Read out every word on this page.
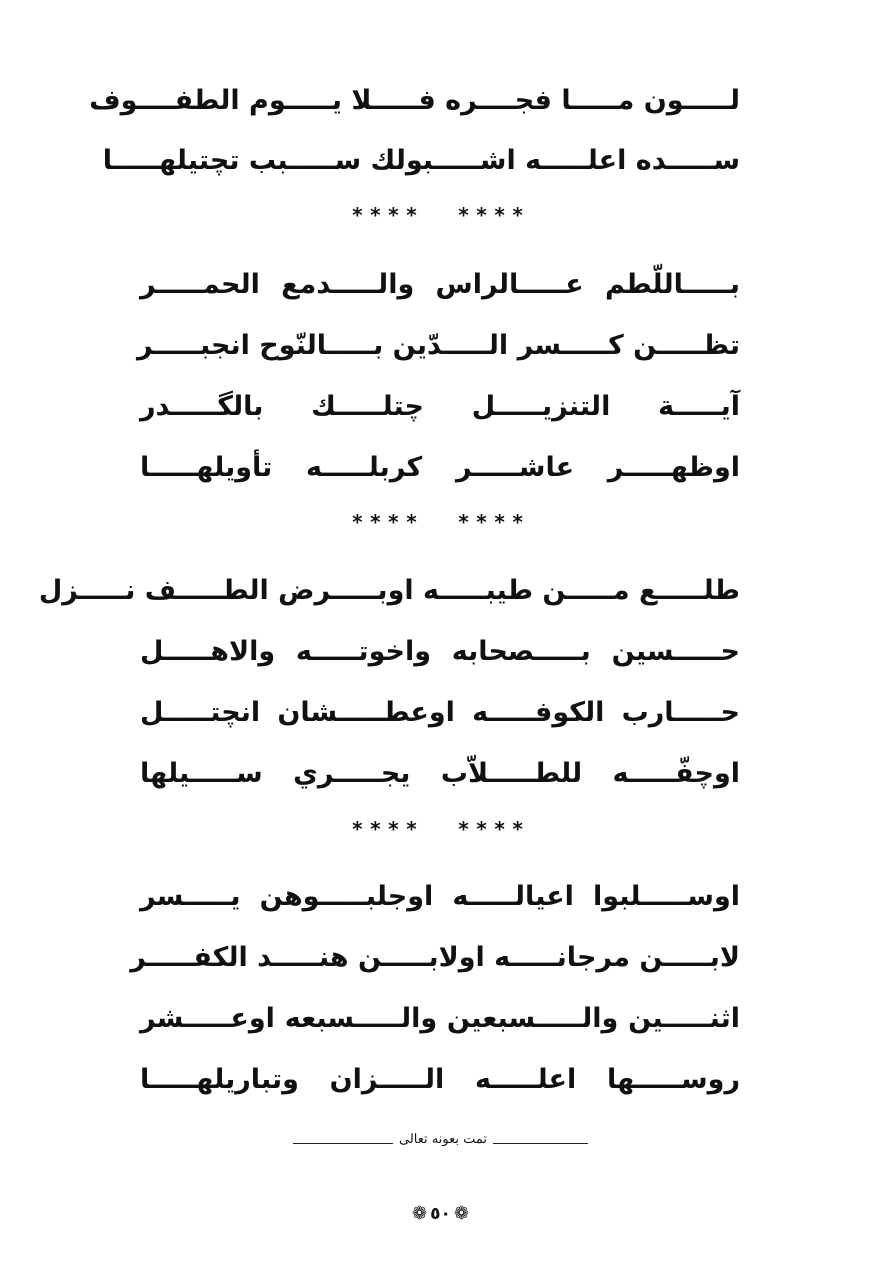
لـــــون مـــــا فجــــره فـــــلا يـــــوم الطفــــوف
ســـــده اعلـــــه اشـــــبولك ســـــبب تچتيلهـــــا
**** ****
بـــــاللّطم عـــــالراس والـــــدمع الحمـــــر
تظـــــن كـــــسر الـــــدّين بـــــالنّوح انجبـــــر
آيـــــة التنزيـــــل چتلـــــك بالگـــــدر
اوظهـــــر عاشـــــر كربلـــــه تأويلهـــــا
**** ****
طلـــــع مـــــن طيبـــــه اوبـــــرض الطـــــف نـــــزل
حـــــسين بـــــصحابه واخوتـــــه والاهـــــل
حـــــارب الكوفـــــه اوعطـــــشان انچتـــــل
اوچفّـــــه للطـــــلاّب يجـــــري ســـــيلها
**** ****
اوســـــلبوا اعيالـــــه اوجلبـــــوهن يـــــسر
لابـــــن مرجانـــــه اولابـــــن هنـــــد الكفـــــر
اثنـــــين والـــــسبعين والـــــسبعه اوعـــــشر
روســـــها اعلـــــه الـــــزان وتباريلهـــــا
تمت بعونه تعالى
❁ ٥٠ ❁
